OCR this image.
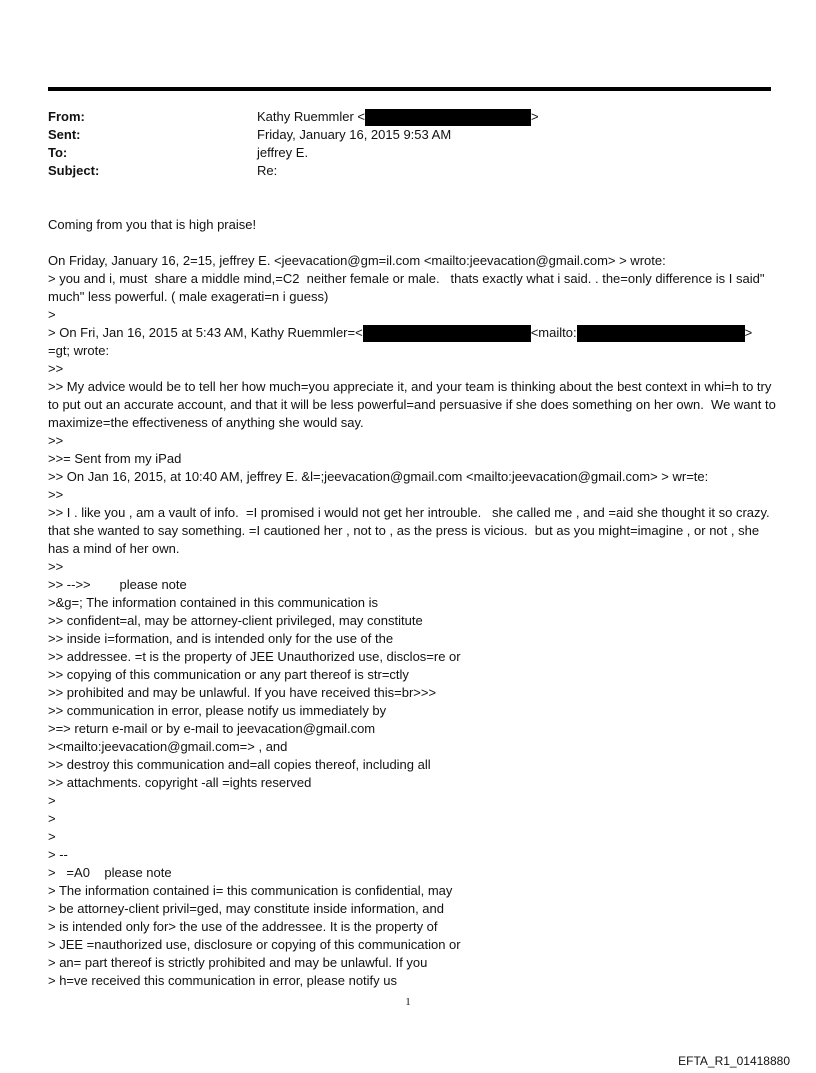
From:	Kathy Ruemmler <	>
Sent:	Friday, January 16, 2015 9:53 AM
To:	jeffrey E.
Subject:	Re:

Coming from you that is high praise!

On Friday, January 16, 2=15, jeffrey E. <jeevacation@gm=il.com <mailto:jeevacation@gmail.com> > wrote:

> you and i, must  share a middle mind,=C2  neither female or male.   thats exactly what i said. . the=only difference is I said" much" less powerful. ( male exagerati=n i guess)

>

> On Fri, Jan 16, 2015 at 5:43 AM, Kathy Ruemmler=<	<mailto:	>

=gt; wrote:

>>

>> My advice would be to tell her how much=you appreciate it, and your team is thinking about the best context in whi=h to try to put out an accurate account, and that it will be less powerful=and persuasive if she does something on her own.  We want to maximize=the effectiveness of anything she would say.

>>

>>= Sent from my iPad

>> On Jan 16, 2015, at 10:40 AM, jeffrey E. &l=;jeevacation@gmail.com <mailto:jeevacation@gmail.com> > wr=te:

>>

>> I . like you , am a vault of info.  =I promised i would not get her introuble.   she called me , and =aid she thought it so crazy.  that she wanted to say something. =I cautioned her , not to , as the press is vicious.  but as you might=imagine , or not , she has a mind of her own.

>>

>> -->>        please note

>&g=; The information contained in this communication is

>> confident=al, may be attorney-client privileged, may constitute

>> inside i=formation, and is intended only for the use of the

>> addressee. =t is the property of JEE Unauthorized use, disclos=re or

>> copying of this communication or any part thereof is str=ctly

>> prohibited and may be unlawful. If you have received this=br>>>

>> communication in error, please notify us immediately by

>=> return e-mail or by e-mail to jeevacation@gmail.com

><mailto:jeevacation@gmail.com=> , and

>> destroy this communication and=all copies thereof, including all

>> attachments. copyright -all =ights reserved

>

>

>

> --

>   =A0    please note

> The information contained i= this communication is confidential, may

> be attorney-client privil=ged, may constitute inside information, and

> is intended only for> the use of the addressee. It is the property of

> JEE =nauthorized use, disclosure or copying of this communication or

> an= part thereof is strictly prohibited and may be unlawful. If you

> h=ve received this communication in error, please notify us

1
EFTA_R1_01418880
